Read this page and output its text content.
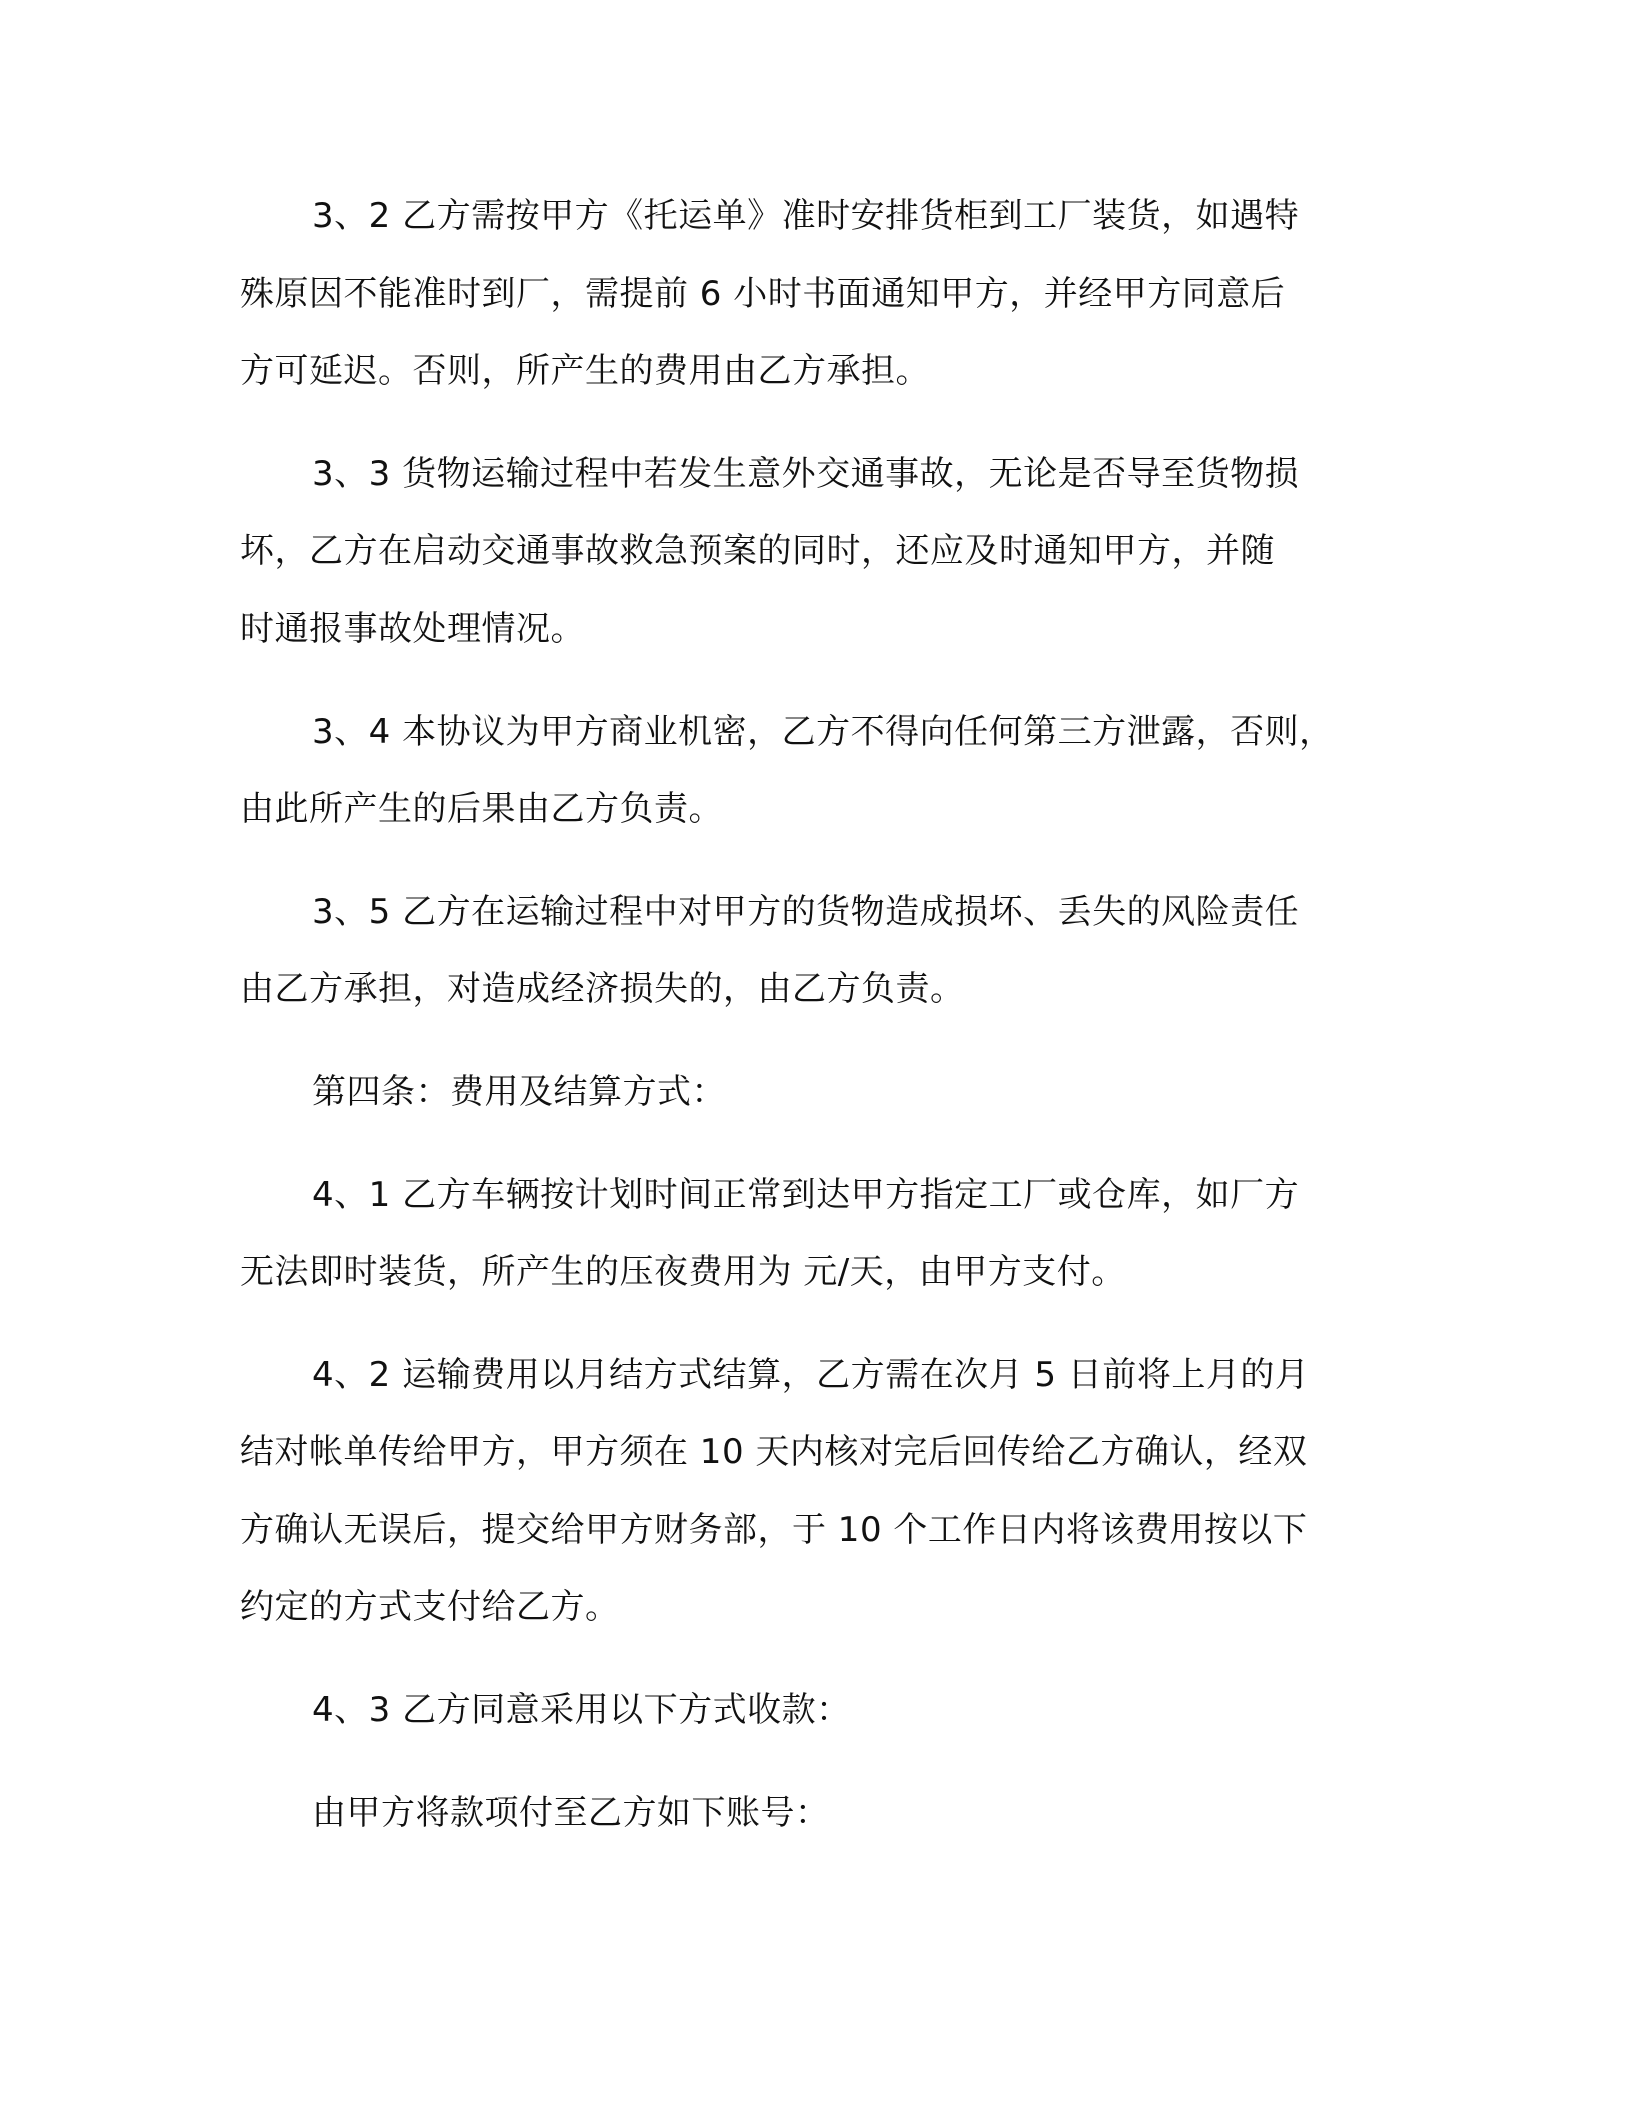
3、2 乙方需按甲方《托运单》准时安排货柜到工厂装货，如遇特

殊原因不能准时到厂，需提前 6 小时书面通知甲方，并经甲方同意后

方可延迟。否则，所产生的费用由乙方承担。

3、3 货物运输过程中若发生意外交通事故，无论是否导至货物损

坏，乙方在启动交通事故救急预案的同时，还应及时通知甲方，并随

时通报事故处理情况。

3、4 本协议为甲方商业机密，乙方不得向任何第三方泄露，否则，

由此所产生的后果由乙方负责。

3、5 乙方在运输过程中对甲方的货物造成损坏、丢失的风险责任

由乙方承担，对造成经济损失的，由乙方负责。

第四条：费用及结算方式：

4、1 乙方车辆按计划时间正常到达甲方指定工厂或仓库，如厂方

无法即时装货，所产生的压夜费用为 元/天，由甲方支付。

4、2 运输费用以月结方式结算，乙方需在次月 5 日前将上月的月

结对帐单传给甲方，甲方须在 10 天内核对完后回传给乙方确认，经双

方确认无误后，提交给甲方财务部，于 10 个工作日内将该费用按以下

约定的方式支付给乙方。

4、3 乙方同意采用以下方式收款：

由甲方将款项付至乙方如下账号：
